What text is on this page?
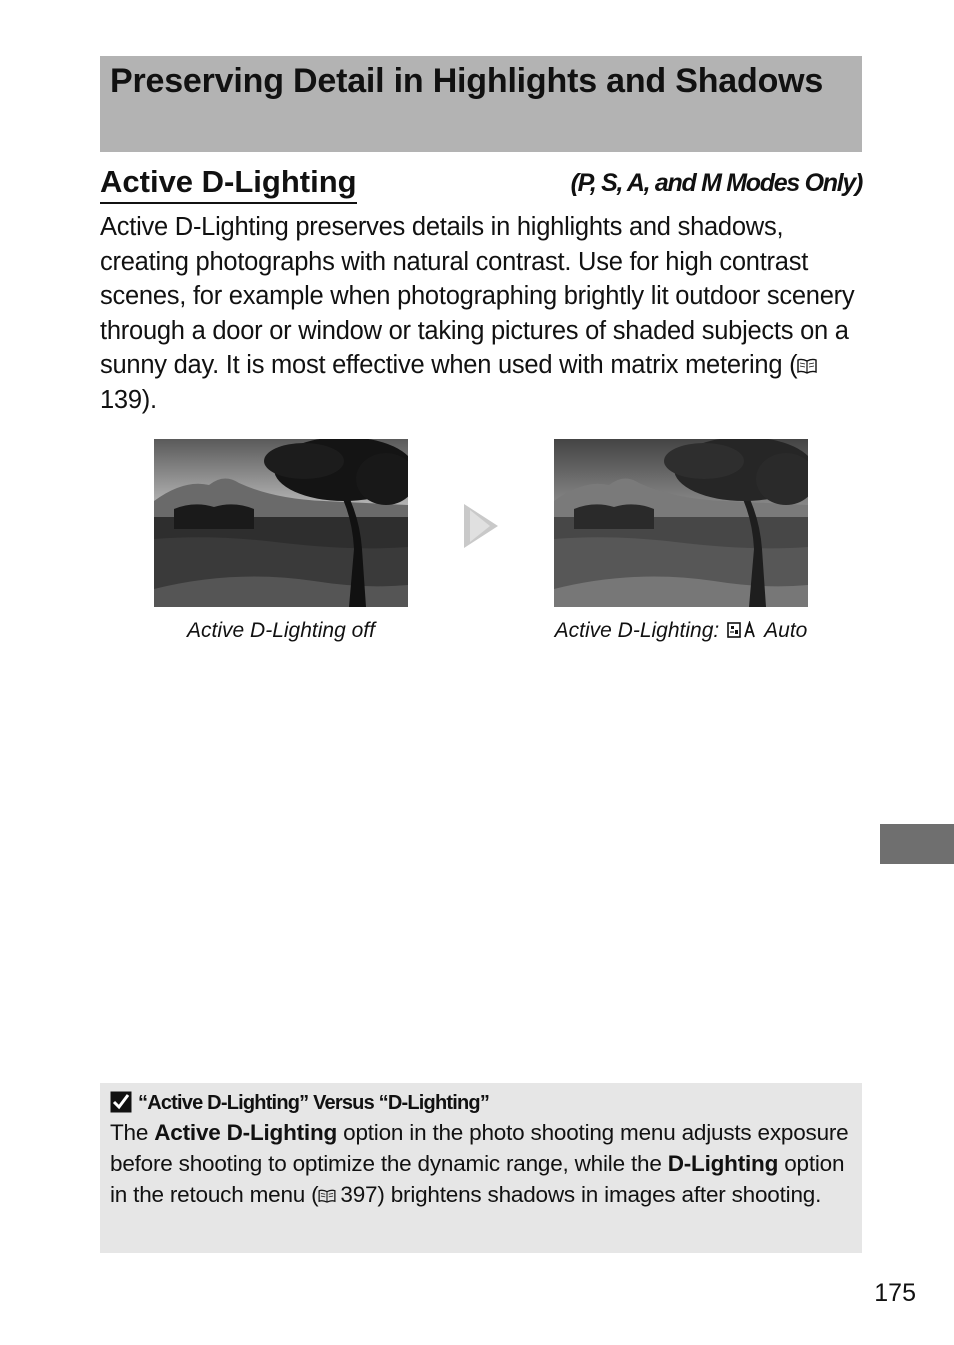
Preserving Detail in Highlights and Shadows
Active D-Lighting	(P, S, A, and M Modes Only)

Active D-Lighting preserves details in highlights and shadows, creating photographs with natural contrast. Use for high contrast scenes, for example when photographing brightly lit outdoor scenery through a door or window or taking pictures of shaded subjects on a sunny day. It is most effective when used with matrix metering (139).

Active D-Lighting off	Active D-Lighting: Auto
“Active D-Lighting” Versus “D-Lighting”

The Active D-Lighting option in the photo shooting menu adjusts exposure before shooting to optimize the dynamic range, while the D-Lighting option in the retouch menu ( 397) brightens shadows in images after shooting.

175
